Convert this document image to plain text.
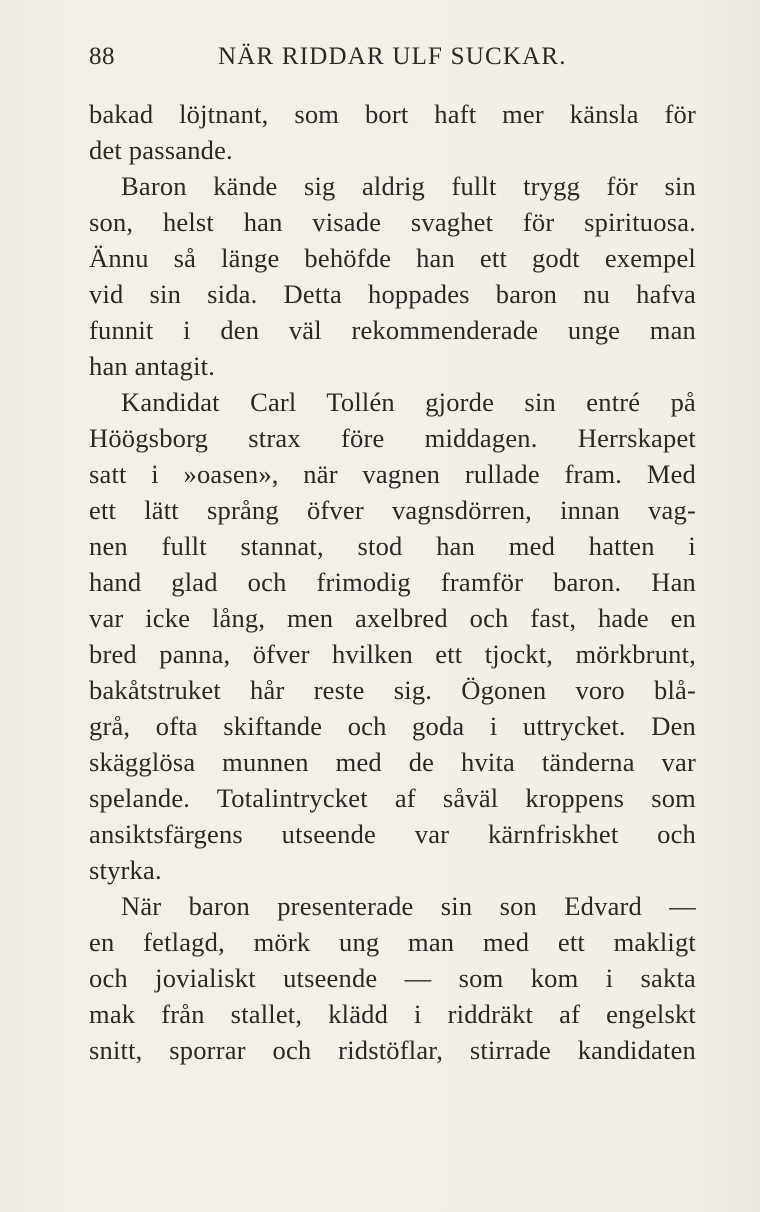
88	NÄR RIDDAR ULF SUCKAR.
bakad löjtnant, som bort haft mer känsla för
det passande.
Baron kände sig aldrig fullt trygg för sin
son, helst han visade svaghet för spirituosa.
Ännu så länge behöfde han ett godt exempel
vid sin sida. Detta hoppades baron nu hafva
funnit i den väl rekommenderade unge man
han antagit.
Kandidat Carl Tollén gjorde sin entré på
Höögsborg strax före middagen. Herrskapet
satt i »oasen», när vagnen rullade fram. Med
ett lätt språng öfver vagnsdörren, innan vag-
nen fullt stannat, stod han med hatten i
hand glad och frimodig framför baron. Han
var icke lång, men axelbred och fast, hade en
bred panna, öfver hvilken ett tjockt, mörkbrunt,
bakåtstruket hår reste sig. Ögonen voro blå-
grå, ofta skiftande och goda i uttrycket. Den
skägglösa munnen med de hvita tänderna var
spelande. Totalintrycket af såväl kroppens som
ansiktsfärgens utseende var kärnfriskhet och
styrka.
När baron presenterade sin son Edvard —
en fetlagd, mörk ung man med ett makligt
och jovialiskt utseende — som kom i sakta
mak från stallet, klädd i riddräkt af engelskt
snitt, sporrar och ridstöflar, stirrade kandidaten
